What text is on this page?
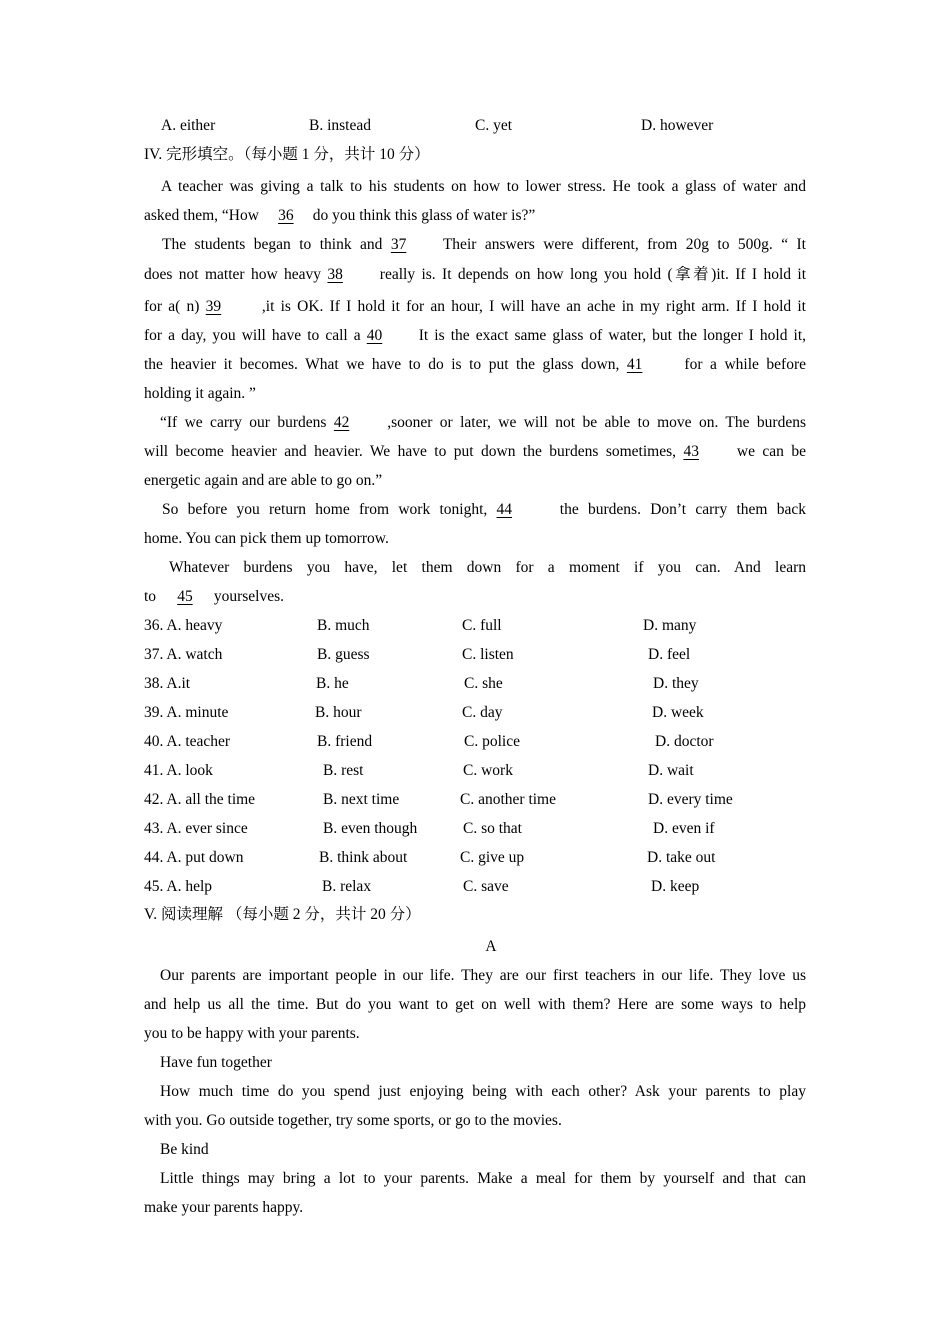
A. either	B. instead	C. yet	D. however
IV. 完形填空。（每小题 1 分，共计 10 分）
A teacher was giving a talk to his students on how to lower stress. He took a glass of water and
asked them, “How 36 do you think this glass of water is?”
The students began to think and 37 Their answers were different, from 20g to 500g. “ It
does not matter how heavy 38 really is. It depends on how long you hold (拿着)it. If I hold it
for a( n) 39 ,it is OK. If I hold it for an hour, I will have an ache in my right arm. If I hold it
for a day, you will have to call a 40 It is the exact same glass of water, but the longer I hold it,
the heavier it becomes. What we have to do is to put the glass down, 41 for a while before
holding it again. ”
“If we carry our burdens 42 ,sooner or later, we will not be able to move on. The burdens
will become heavier and heavier. We have to put down the burdens sometimes, 43 we can be
energetic again and are able to go on.”
So before you return home from work tonight, 44 the burdens. Don’t carry them back
home. You can pick them up tomorrow.
Whatever burdens you have, let them down for a moment if you can. And learn
to 45 yourselves.
36. A. heavy	B. much	C. full	D. many
37. A. watch	B. guess	C. listen	D. feel
38. A.it	B. he	C. she	D. they
39. A. minute	B. hour	C. day	D. week
40. A. teacher	B. friend	C. police	D. doctor
41. A. look	B. rest	C. work	D. wait
42. A. all the time	B. next time	C. another time	D. every time
43. A. ever since	B. even though	C. so that	D. even if
44. A. put down	B. think about	C. give up	D. take out
45. A. help	B. relax	C. save	D. keep
V. 阅读理解 （每小题 2 分，共计 20 分）
A
Our parents are important people in our life. They are our first teachers in our life. They love us
and help us all the time. But do you want to get on well with them? Here are some ways to help
you to be happy with your parents.
Have fun together
How much time do you spend just enjoying being with each other? Ask your parents to play
with you. Go outside together, try some sports, or go to the movies.
Be kind
Little things may bring a lot to your parents. Make a meal for them by yourself and that can
make your parents happy.
